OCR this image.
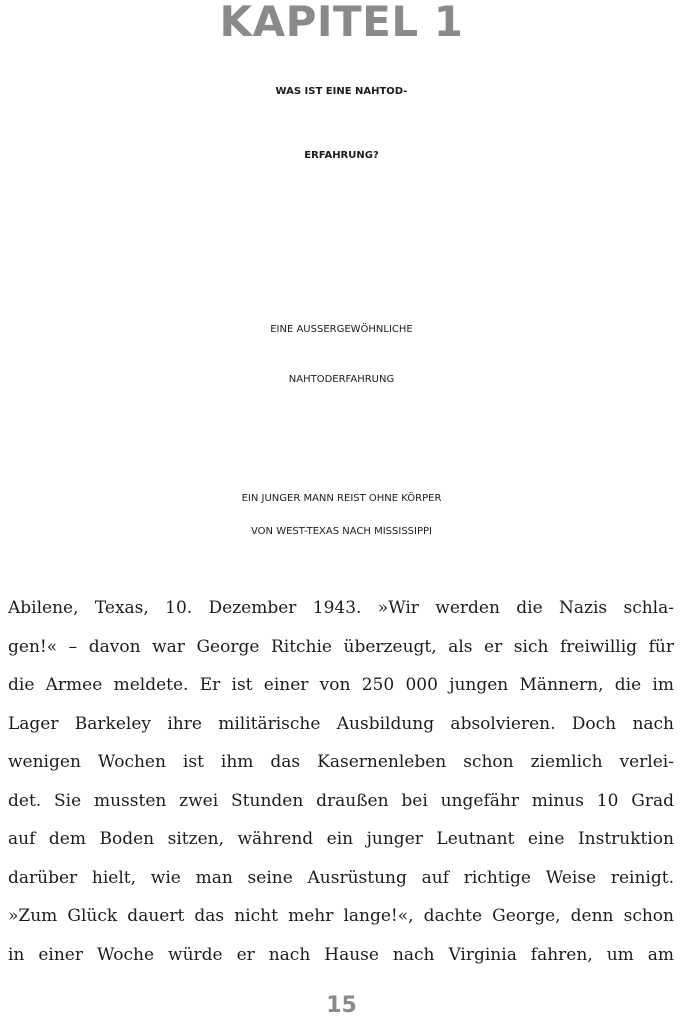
KAPITEL 1
WAS IST EINE NAHTOD-
ERFAHRUNG?
EINE AUSSERGEWÖHNLICHE
NAHTODERFAHRUNG
EIN JUNGER MANN REIST OHNE KÖRPER
VON WEST-TEXAS NACH MISSISSIPPI
Abilene, Texas, 10. Dezember 1943. »Wir werden die Nazis schla-
gen!« – davon war George Ritchie überzeugt, als er sich freiwillig für
die Armee meldete. Er ist einer von 250 000 jungen Männern, die im
Lager Barkeley ihre militärische Ausbildung absolvieren. Doch nach
wenigen Wochen ist ihm das Kasernenleben schon ziemlich verlei-
det. Sie mussten zwei Stunden draußen bei ungefähr minus 10 Grad
auf dem Boden sitzen, während ein junger Leutnant eine Instruktion
darüber hielt, wie man seine Ausrüstung auf richtige Weise reinigt.
»Zum Glück dauert das nicht mehr lange!«, dachte George, denn schon
in einer Woche würde er nach Hause nach Virginia fahren, um am
15
